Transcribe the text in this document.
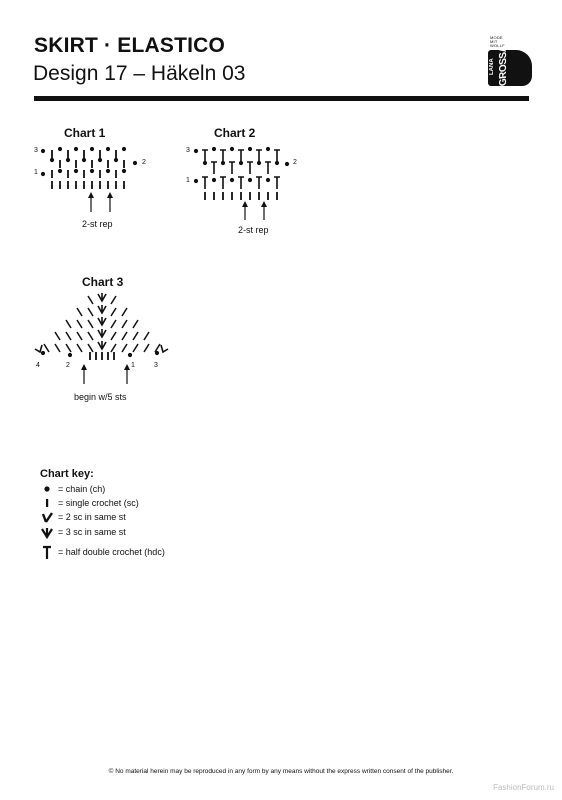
SKIRT · ELASTICO
Design 17 – Häkeln 03
MODE
MIT
WOLLE
LANA GROSSA
Chart 1
3
1
2
2-st rep
Chart 2
3
1
2
2-st rep
Chart 3
4	2	1	3
begin w/5 sts
Chart key:
= chain (ch)
= single crochet (sc)
= 2 sc in same st
= 3 sc in same st
= half double crochet (hdc)
© No material herein may be reproduced in any form by any means without the express written consent of the publisher.
FashionForum.ru
